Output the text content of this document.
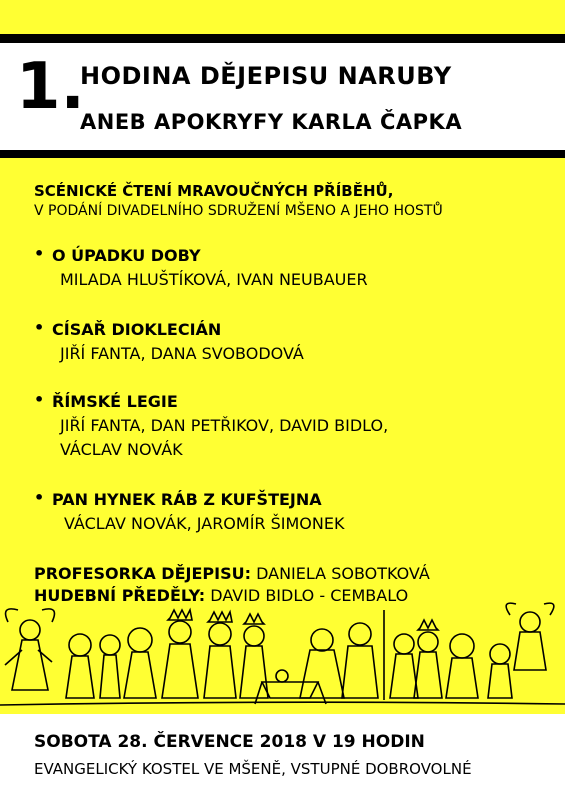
1.
HODINA DĚJEPISU NARUBY
ANEB APOKRYFY KARLA ČAPKA
SCÉNICKÉ ČTENÍ MRAVOUČNÝCH PŘÍBĚHŮ,
V PODÁNÍ DIVADELNÍHO SDRUŽENÍ MŠENO A JEHO HOSTŮ
• O ÚPADKU DOBY
MILADA HLUŠTÍKOVÁ, IVAN NEUBAUER
• CÍSAŘ DIOKLECIÁN
JIŘÍ FANTA, DANA SVOBODOVÁ
• ŘÍMSKÉ LEGIE
JIŘÍ FANTA, DAN PETŘIKOV, DAVID BIDLO,
VÁCLAV NOVÁK
• PAN HYNEK RÁB Z KUFŠTEJNA
VÁCLAV NOVÁK, JAROMÍR ŠIMONEK
PROFESORKA DĚJEPISU: DANIELA SOBOTKOVÁ
HUDEBNÍ PŘEDĚLY: DAVID BIDLO - CEMBALO
SOBOTA 28. ČERVENCE 2018 V 19 HODIN
EVANGELICKÝ KOSTEL VE MŠENĚ, VSTUPNÉ DOBROVOLNÉ
